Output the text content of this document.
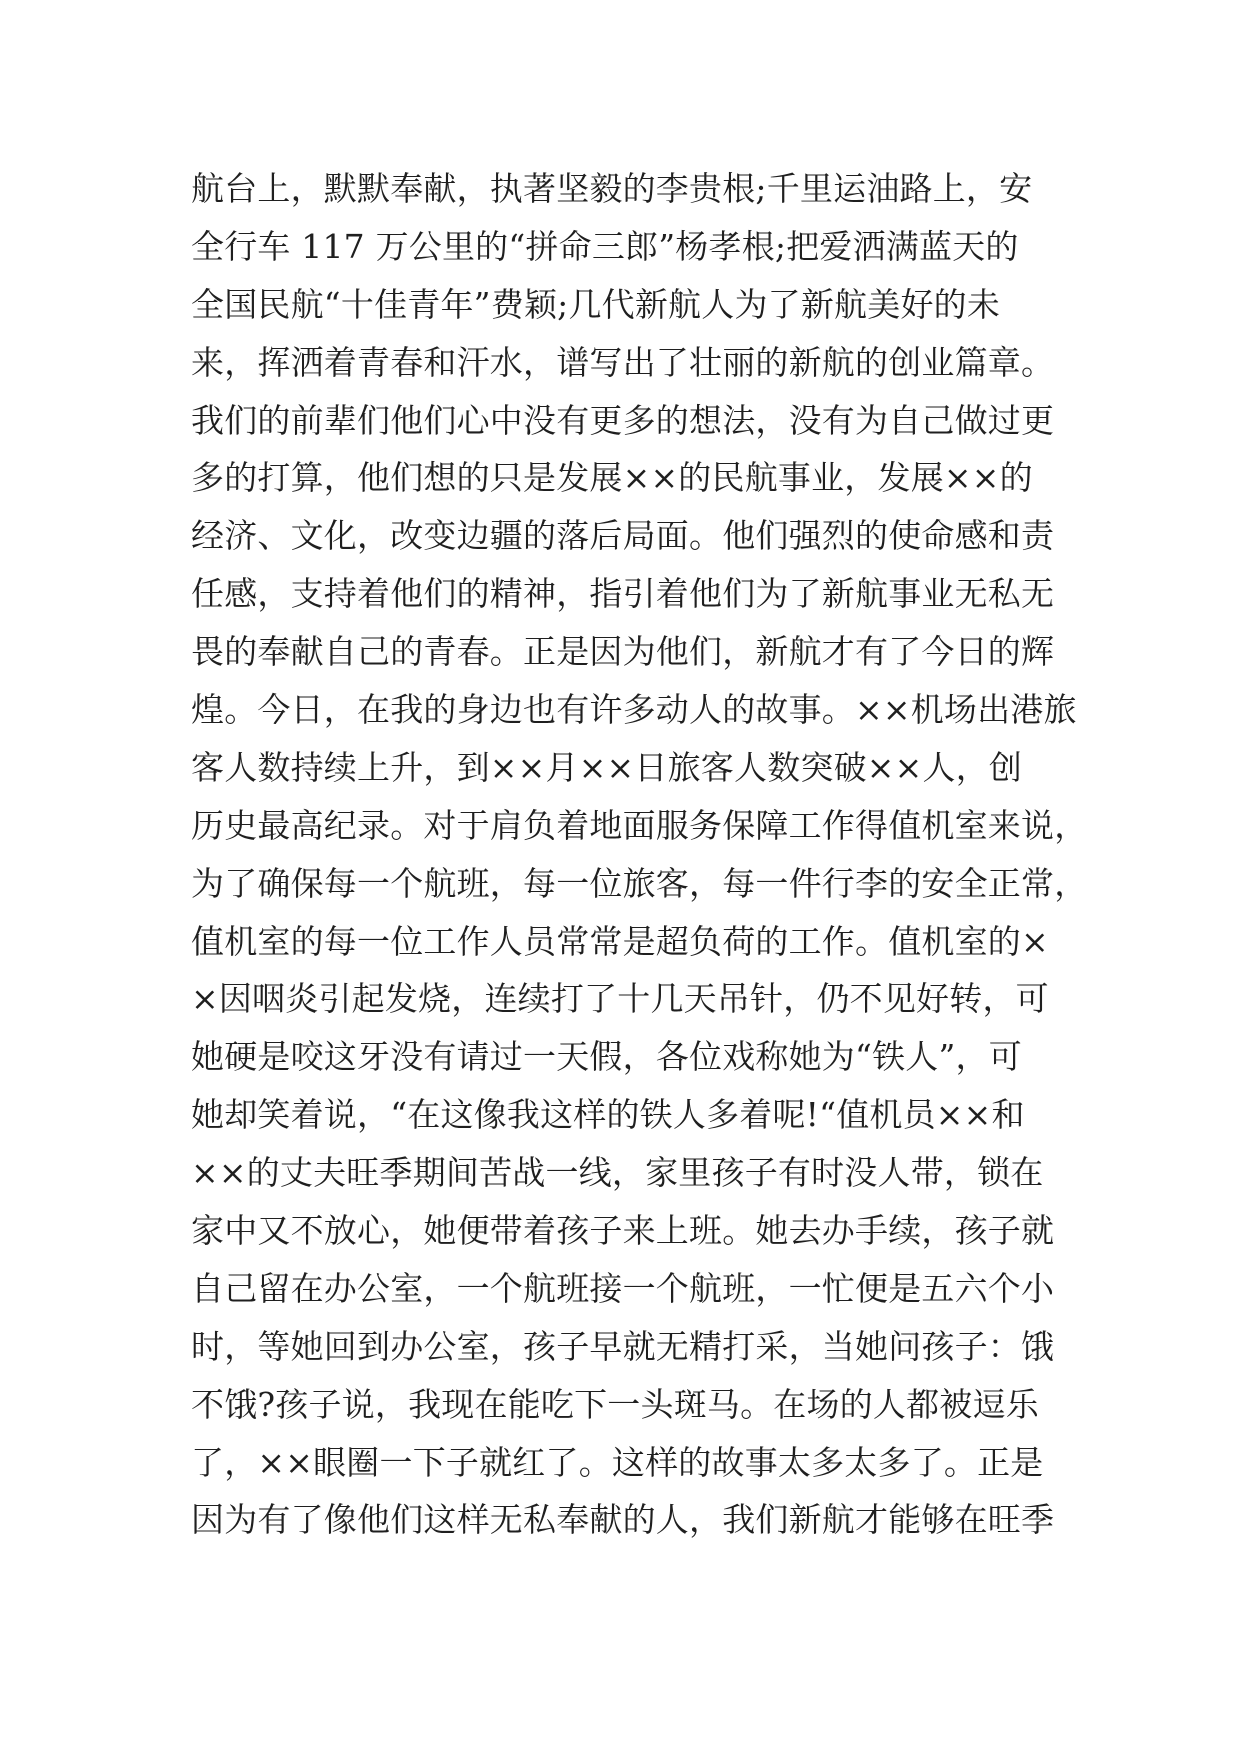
航台上，默默奉献，执著坚毅的李贵根;千里运油路上，安
全行车 117 万公里的“拼命三郎”杨孝根;把爱洒满蓝天的
全国民航“十佳青年”费颖;几代新航人为了新航美好的未
来，挥洒着青春和汗水，谱写出了壮丽的新航的创业篇章。
我们的前辈们他们心中没有更多的想法，没有为自己做过更
多的打算，他们想的只是发展××的民航事业，发展××的
经济、文化，改变边疆的落后局面。他们强烈的使命感和责
任感，支持着他们的精神，指引着他们为了新航事业无私无
畏的奉献自己的青春。正是因为他们，新航才有了今日的辉
煌。今日，在我的身边也有许多动人的故事。××机场出港旅
客人数持续上升，到××月××日旅客人数突破××人，创
历史最高纪录。对于肩负着地面服务保障工作得值机室来说，
为了确保每一个航班，每一位旅客，每一件行李的安全正常，
值机室的每一位工作人员常常是超负荷的工作。值机室的×
×因咽炎引起发烧，连续打了十几天吊针，仍不见好转，可
她硬是咬这牙没有请过一天假，各位戏称她为“铁人”，可
她却笑着说，“在这像我这样的铁人多着呢!“值机员××和
××的丈夫旺季期间苦战一线，家里孩子有时没人带，锁在
家中又不放心，她便带着孩子来上班。她去办手续，孩子就
自己留在办公室，一个航班接一个航班，一忙便是五六个小
时，等她回到办公室，孩子早就无精打采，当她问孩子：饿
不饿?孩子说，我现在能吃下一头斑马。在场的人都被逗乐
了，××眼圈一下子就红了。这样的故事太多太多了。正是
因为有了像他们这样无私奉献的人，我们新航才能够在旺季
